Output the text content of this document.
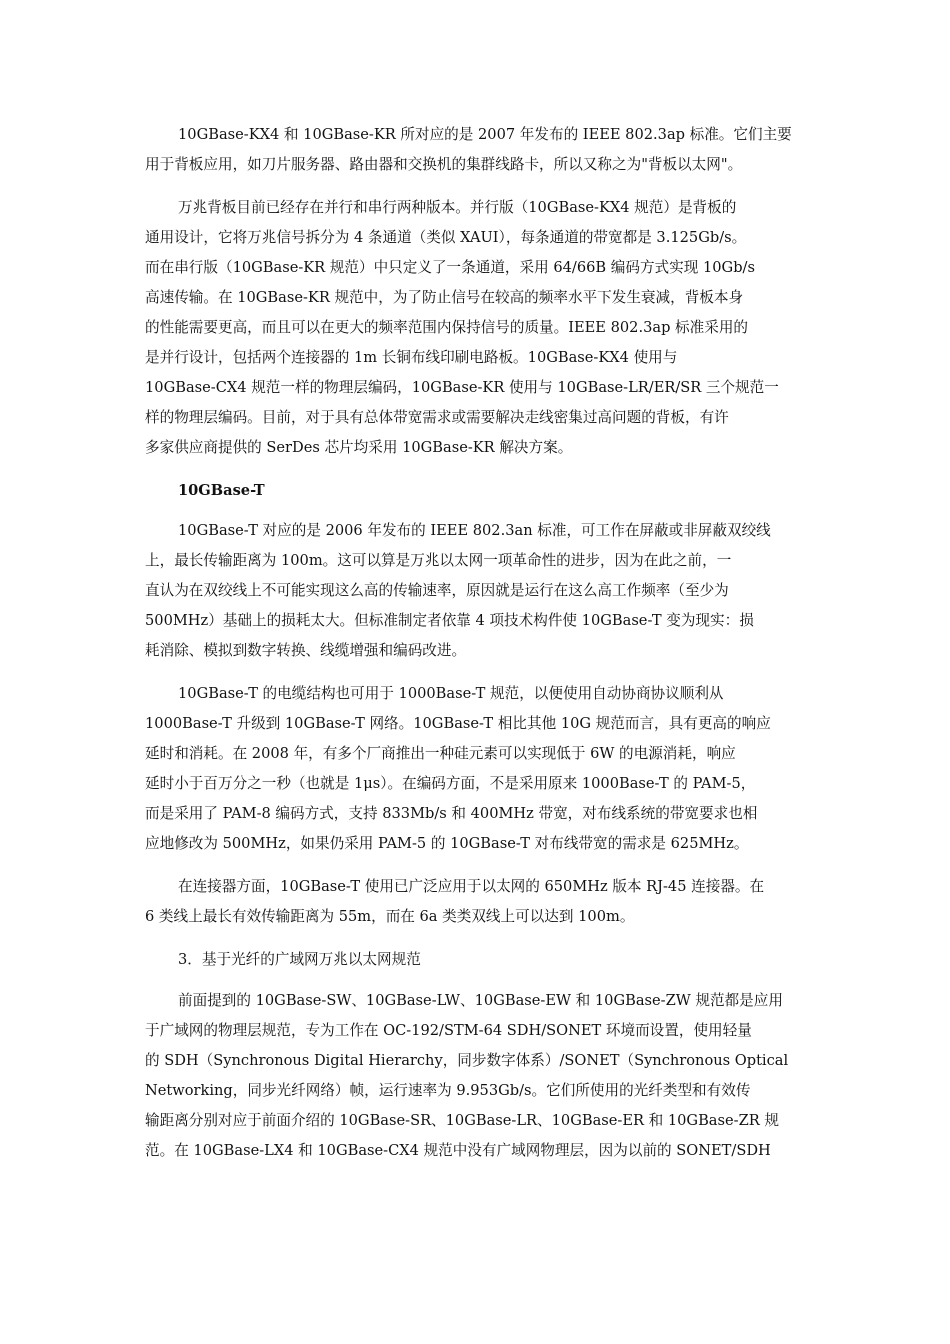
10GBase-KX4 和 10GBase-KR 所对应的是 2007 年发布的 IEEE 802.3ap 标准。它们主要
用于背板应用，如刀片服务器、路由器和交换机的集群线路卡，所以又称之为"背板以太网"。

万兆背板目前已经存在并行和串行两种版本。并行版（10GBase-KX4 规范）是背板的
通用设计，它将万兆信号拆分为 4 条通道（类似 XAUI），每条通道的带宽都是 3.125Gb/s。
而在串行版（10GBase-KR 规范）中只定义了一条通道，采用 64/66B 编码方式实现 10Gb/s
高速传输。在 10GBase-KR 规范中，为了防止信号在较高的频率水平下发生衰减，背板本身
的性能需要更高，而且可以在更大的频率范围内保持信号的质量。IEEE 802.3ap 标准采用的
是并行设计，包括两个连接器的 1m 长铜布线印刷电路板。10GBase-KX4 使用与
10GBase-CX4 规范一样的物理层编码，10GBase-KR 使用与 10GBase-LR/ER/SR 三个规范一
样的物理层编码。目前，对于具有总体带宽需求或需要解决走线密集过高问题的背板，有许
多家供应商提供的 SerDes 芯片均采用 10GBase-KR 解决方案。

10GBase-T

10GBase-T 对应的是 2006 年发布的 IEEE 802.3an 标准，可工作在屏蔽或非屏蔽双绞线
上，最长传输距离为 100m。这可以算是万兆以太网一项革命性的进步，因为在此之前，一
直认为在双绞线上不可能实现这么高的传输速率，原因就是运行在这么高工作频率（至少为
500MHz）基础上的损耗太大。但标准制定者依靠 4 项技术构件使 10GBase-T 变为现实：损
耗消除、模拟到数字转换、线缆增强和编码改进。

10GBase-T 的电缆结构也可用于 1000Base-T 规范，以便使用自动协商协议顺利从
1000Base-T 升级到 10GBase-T 网络。10GBase-T 相比其他 10G 规范而言，具有更高的响应
延时和消耗。在 2008 年，有多个厂商推出一种硅元素可以实现低于 6W 的电源消耗，响应
延时小于百万分之一秒（也就是 1μs）。在编码方面，不是采用原来 1000Base-T 的 PAM-5，
而是采用了 PAM-8 编码方式，支持 833Mb/s 和 400MHz 带宽，对布线系统的带宽要求也相
应地修改为 500MHz，如果仍采用 PAM-5 的 10GBase-T 对布线带宽的需求是 625MHz。

在连接器方面，10GBase-T 使用已广泛应用于以太网的 650MHz 版本 RJ-45 连接器。在
6 类线上最长有效传输距离为 55m，而在 6a 类类双线上可以达到 100m。

3．基于光纤的广域网万兆以太网规范

前面提到的 10GBase-SW、10GBase-LW、10GBase-EW 和 10GBase-ZW 规范都是应用
于广域网的物理层规范，专为工作在 OC-192/STM-64 SDH/SONET 环境而设置，使用轻量
的 SDH（Synchronous Digital Hierarchy，同步数字体系）/SONET（Synchronous Optical
Networking，同步光纤网络）帧，运行速率为 9.953Gb/s。它们所使用的光纤类型和有效传
输距离分别对应于前面介绍的 10GBase-SR、10GBase-LR、10GBase-ER 和 10GBase-ZR 规
范。在 10GBase-LX4 和 10GBase-CX4 规范中没有广域网物理层，因为以前的 SONET/SDH
